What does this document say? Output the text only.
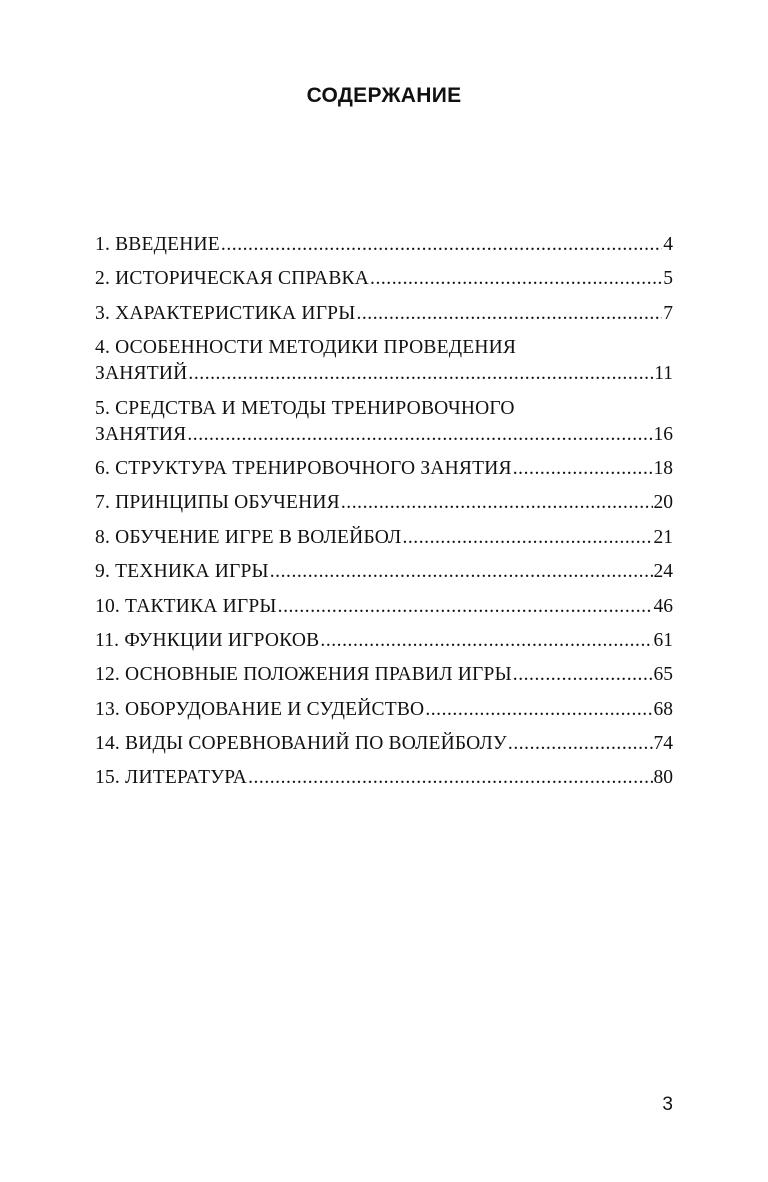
СОДЕРЖАНИЕ
1. ВВЕДЕНИЕ .....	4
2. ИСТОРИЧЕСКАЯ СПРАВКА .....	5
3. ХАРАКТЕРИСТИКА ИГРЫ .....	7
4. ОСОБЕННОСТИ МЕТОДИКИ ПРОВЕДЕНИЯ
ЗАНЯТИЙ .....	11
5. СРЕДСТВА И МЕТОДЫ ТРЕНИРОВОЧНОГО
ЗАНЯТИЯ .....	16
6. СТРУКТУРА ТРЕНИРОВОЧНОГО ЗАНЯТИЯ .....	18
7. ПРИНЦИПЫ ОБУЧЕНИЯ .....	20
8. ОБУЧЕНИЕ ИГРЕ В ВОЛЕЙБОЛ .....	21
9. ТЕХНИКА ИГРЫ .....	24
10. ТАКТИКА ИГРЫ .....	46
11. ФУНКЦИИ ИГРОКОВ .....	61
12. ОСНОВНЫЕ ПОЛОЖЕНИЯ ПРАВИЛ ИГРЫ .....	65
13. ОБОРУДОВАНИЕ И СУДЕЙСТВО .....	68
14. ВИДЫ СОРЕВНОВАНИЙ ПО ВОЛЕЙБОЛУ .....	74
15. ЛИТЕРАТУРА .....	80

3
